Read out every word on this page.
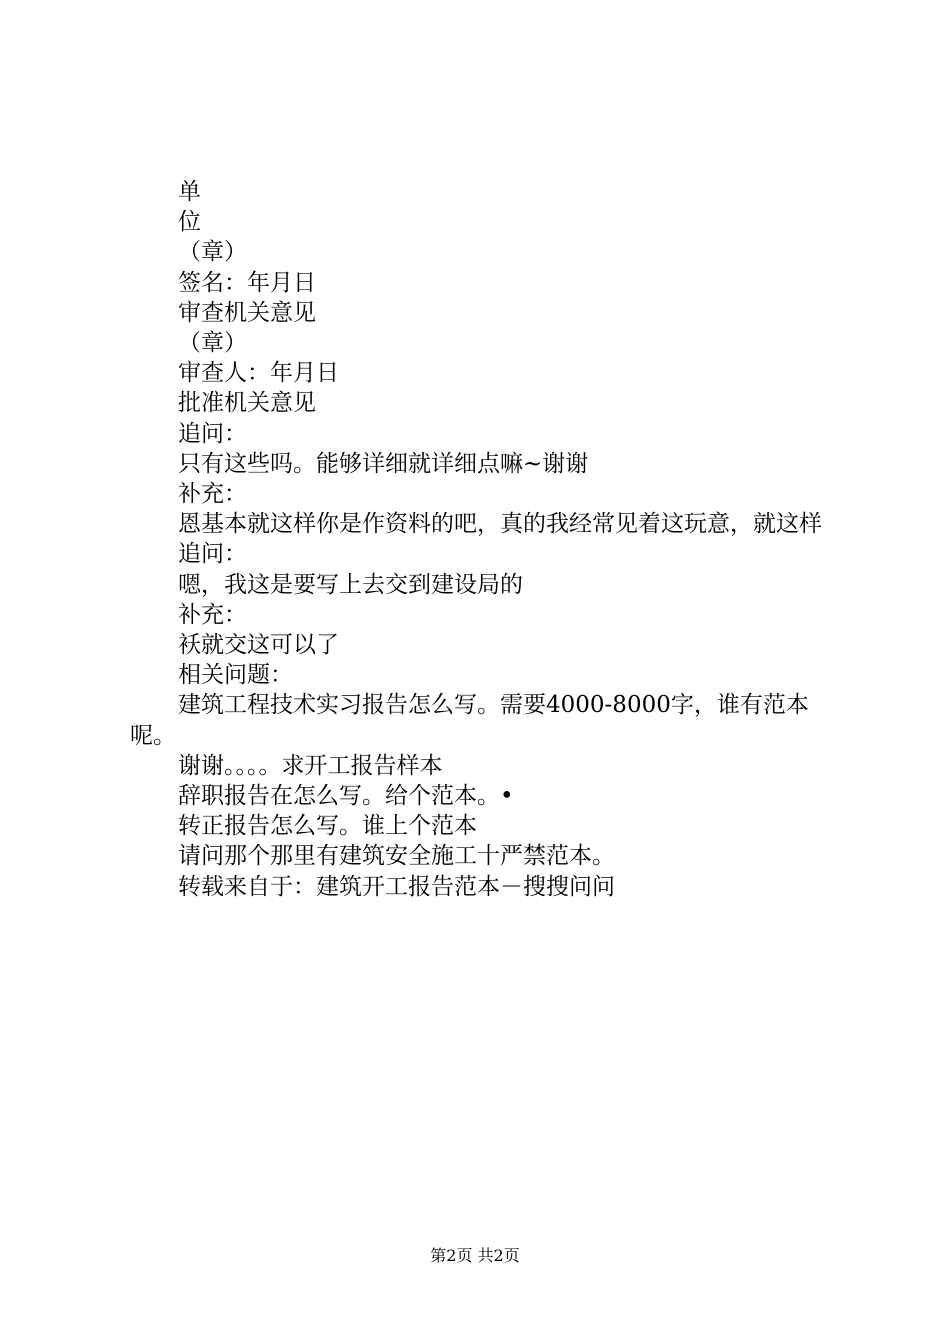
单

位

（章）

签名：年月日

审查机关意见

（章）

审查人：年月日

批准机关意见

追问：

只有这些吗。能够详细就详细点嘛~谢谢

补充：

恩基本就这样你是作资料的吧，真的我经常见着这玩意，就这样

追问：

嗯，我这是要写上去交到建设局的

补充：

袄就交这可以了

相关问题：

建筑工程技术实习报告怎么写。需要4000-8000字，谁有范本呢。

谢谢。。。。求开工报告样本

辞职报告在怎么写。给个范本。•

转正报告怎么写。谁上个范本

请问那个那里有建筑安全施工十严禁范本。

转载来自于：建筑开工报告范本－搜搜问问

第2页 共2页
